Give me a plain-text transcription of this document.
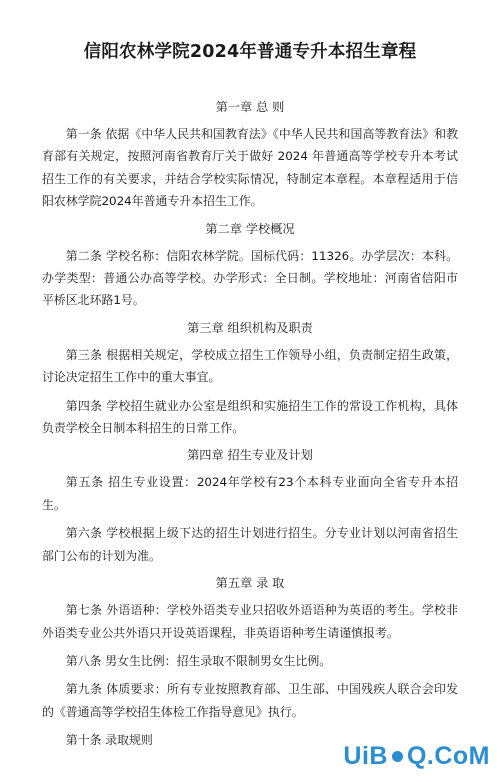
信阳农林学院2024年普通专升本招生章程
第一章 总 则

第一条 依据《中华人民共和国教育法》《中华人民共和国高等教育法》和教育部有关规定，按照河南省教育厅关于做好 2024 年普通高等学校专升本考试招生工作的有关要求，并结合学校实际情况，特制定本章程。本章程适用于信阳农林学院2024年普通专升本招生工作。

第二章 学校概况

第二条 学校名称：信阳农林学院。国标代码：11326。办学层次：本科。办学类型：普通公办高等学校。办学形式：全日制。学校地址：河南省信阳市平桥区北环路1号。

第三章 组织机构及职责

第三条 根据相关规定，学校成立招生工作领导小组，负责制定招生政策，讨论决定招生工作中的重大事宜。

第四条 学校招生就业办公室是组织和实施招生工作的常设工作机构，具体负责学校全日制本科招生的日常工作。

第四章 招生专业及计划

第五条 招生专业设置：2024年学校有23个本科专业面向全省专升本招生。

第六条 学校根据上级下达的招生计划进行招生。分专业计划以河南省招生部门公布的计划为准。

第五章 录 取

第七条 外语语种：学校外语类专业只招收外语语种为英语的考生。学校非外语类专业公共外语只开设英语课程，非英语语种考生请谨慎报考。

第八条 男女生比例：招生录取不限制男女生比例。

第九条 体质要求：所有专业按照教育部、卫生部、中国残疾人联合会印发的《普通高等学校招生体检工作指导意见》执行。

第十条 录取规则

UiB Q.CoM
